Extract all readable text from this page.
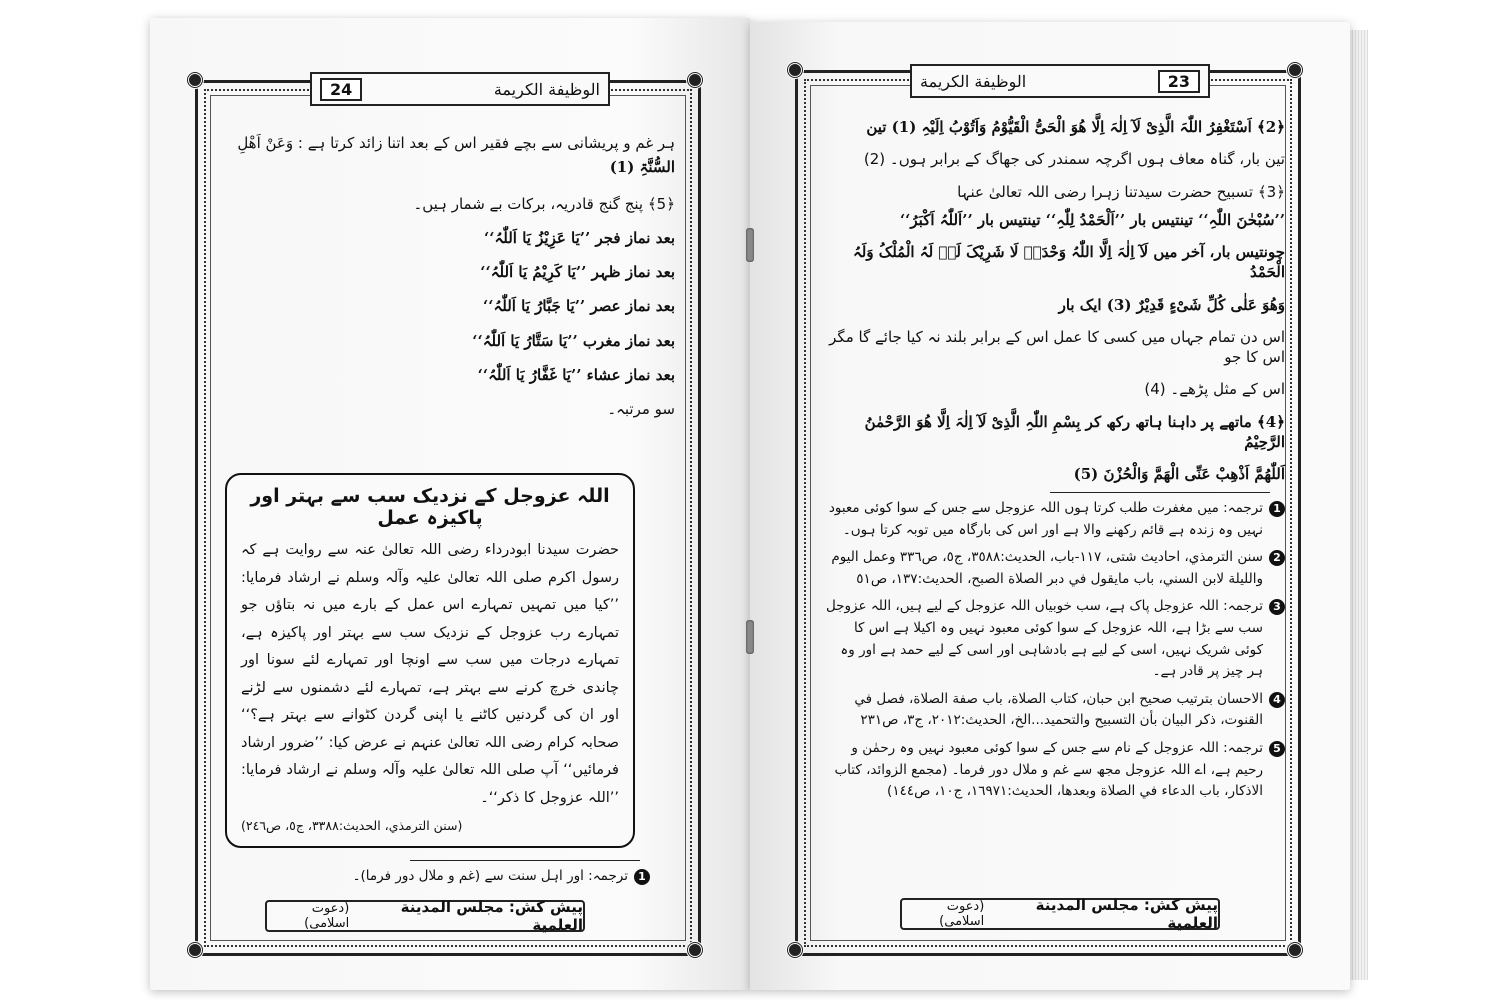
24	الوظيفة الكريمة

ہر غم و پریشانی سے بچے فقیر اس کے بعد اتنا زائد کرتا ہے : وَعَنْ اَھْلِ

السُّنَّۃِ (1)

﴿5﴾ پنج گنج قادریہ، برکات بے شمار ہیں۔

بعد نماز فجر ’’یَا عَزِیْزُ یَا اَللّٰہُ‘‘

بعد نماز ظہر ’’یَا کَرِیْمُ یَا اَللّٰہُ‘‘

بعد نماز عصر ’’یَا جَبَّارُ یَا اَللّٰہُ‘‘

بعد نماز مغرب ’’یَا سَتَّارُ یَا اَللّٰہُ‘‘

بعد نماز عشاء ’’یَا غَفَّارُ یَا اَللّٰہُ‘‘

سو مرتبہ۔

اللہ عزوجل کے نزدیک سب سے بہتر اور پاکیزہ عمل

حضرت سیدنا ابودرداء رضی اللہ تعالیٰ عنہ سے روایت ہے کہ رسول اکرم صلی اللہ تعالیٰ علیہ وآلہ وسلم نے ارشاد فرمایا: ’’کیا میں تمہیں تمہارے اس عمل کے بارے میں نہ بتاؤں جو تمہارے رب عزوجل کے نزدیک سب سے بہتر اور پاکیزہ ہے، تمہارے درجات میں سب سے اونچا اور تمہارے لئے سونا اور چاندی خرچ کرنے سے بہتر ہے، تمہارے لئے دشمنوں سے لڑنے اور ان کی گردنیں کاٹنے یا اپنی گردن کٹوانے سے بہتر ہے؟‘‘ صحابہ کرام رضی اللہ تعالیٰ عنہم نے عرض کیا: ’’ضرور ارشاد فرمائیں‘‘ آپ صلی اللہ تعالیٰ علیہ وآلہ وسلم نے ارشاد فرمایا: ’’اللہ عزوجل کا ذکر‘‘۔

(سنن الترمذي، الحديث:٣٣٨٨، ج٥، ص٢٤٦)
1
ترجمہ: اور اہل سنت سے (غم و ملال دور فرما)۔
پیش کش: مجلس المدينة العلمية
(دعوت اسلامی)
الوظيفة الكريمة	23

﴿2﴾ اَسْتَغْفِرُ اللّٰہَ الَّذِیْ لَآ اِلٰہَ اِلَّا ھُوَ الْحَیُّ الْقَیُّوْمُ وَاَتُوْبُ اِلَیْہِ (1) تین

تین بار، گناہ معاف ہوں اگرچہ سمندر کی جھاگ کے برابر ہوں۔ (2)

﴿3﴾ تسبیح حضرت سیدتنا زہرا رضی اللہ تعالیٰ عنہا

’’سُبْحٰنَ اللّٰہِ‘‘ تینتیس بار ’’اَلْحَمْدُ لِلّٰہِ‘‘ تینتیس بار ’’اَللّٰہُ اَکْبَرُ‘‘

چونتیس بار، آخر میں لَآ اِلٰہَ اِلَّا اللّٰہُ وَحْدَہٗ لَا شَرِیْکَ لَہٗ لَہُ الْمُلْکُ وَلَہُ الْحَمْدُ

وَھُوَ عَلٰی کُلِّ شَیْءٍ قَدِیْرٌ (3) ایک بار

اس دن تمام جہاں میں کسی کا عمل اس کے برابر بلند نہ کیا جائے گا مگر اس کا جو

اس کے مثل پڑھے۔ (4)

﴿4﴾ ماتھے پر داہنا ہاتھ رکھ کر بِسْمِ اللّٰہِ الَّذِیْ لَآ اِلٰہَ اِلَّا ھُوَ الرَّحْمٰنُ الرَّحِیْمُ

اَللّٰھُمَّ اَذْھِبْ عَنِّی الْھَمَّ وَالْحُزْنَ (5)

1
ترجمہ: میں مغفرت طلب کرتا ہوں اللہ عزوجل سے جس کے سوا کوئی معبود نہیں وہ زندہ ہے قائم رکھنے والا ہے اور اس کی بارگاہ میں توبہ کرتا ہوں۔
2
سنن الترمذي، احاديث شتى، ١١٧-باب، الحديث:٣٥٨٨، ج٥، ص٣٣٦ وعمل اليوم والليلة لابن السني، باب مايقول في دبر الصلاة الصبح، الحديث:١٣٧، ص٥١
3
ترجمہ: اللہ عزوجل پاک ہے، سب خوبیاں اللہ عزوجل کے لیے ہیں، اللہ عزوجل سب سے بڑا ہے، اللہ عزوجل کے سوا کوئی معبود نہیں وہ اکیلا ہے اس کا کوئی شریک نہیں، اسی کے لیے ہے بادشاہی اور اسی کے لیے حمد ہے اور وہ ہر چیز پر قادر ہے۔
4
الاحسان بترتيب صحيح ابن حبان، كتاب الصلاة، باب صفة الصلاة، فصل في القنوت، ذكر البيان بأن التسبيح والتحميد...الخ، الحديث:٢٠١٢، ج٣، ص٢٣١
5
ترجمہ: اللہ عزوجل کے نام سے جس کے سوا کوئی معبود نہیں وہ رحمٰن و رحیم ہے، اے اللہ عزوجل مجھ سے غم و ملال دور فرما۔ (مجمع الزوائد، كتاب الاذكار، باب الدعاء في الصلاة وبعدها، الحديث:١٦٩٧١، ج١٠، ص١٤٤)
پیش کش: مجلس المدينة العلمية
(دعوت اسلامی)
